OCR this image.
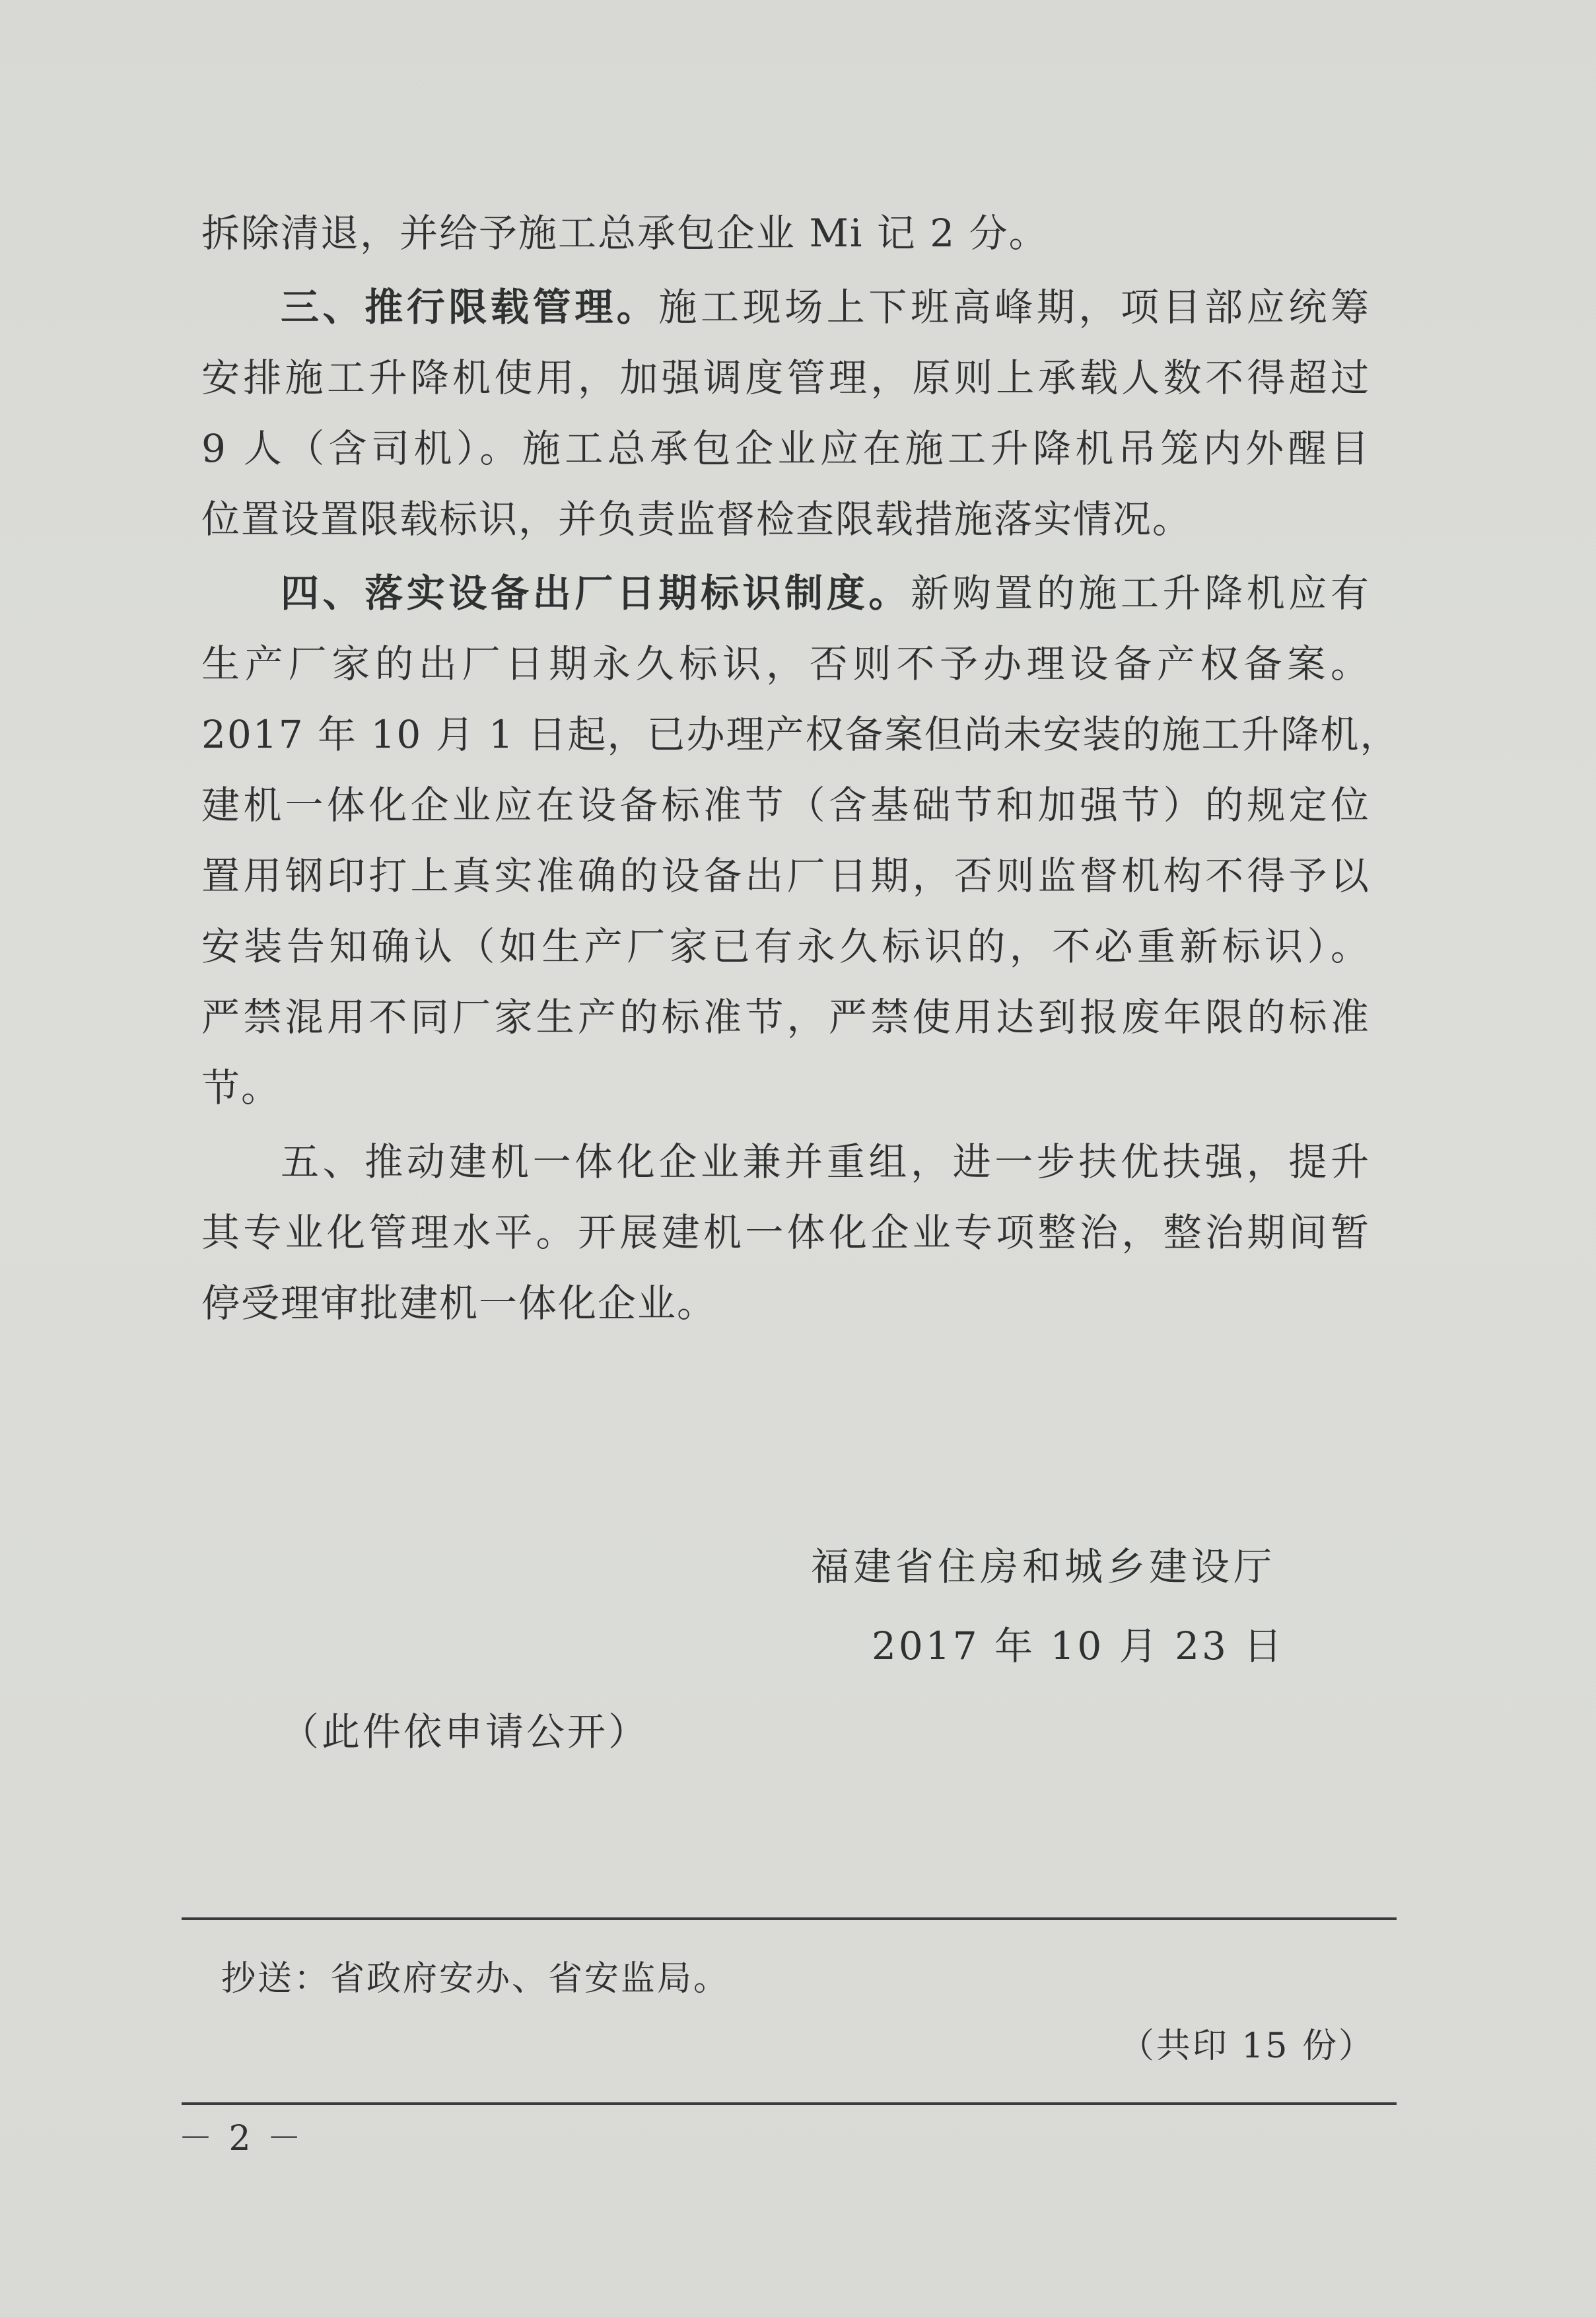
拆除清退，并给予施工总承包企业 Mi 记 2 分。
三、推行限载管理。施工现场上下班高峰期，项目部应统筹
安排施工升降机使用，加强调度管理，原则上承载人数不得超过
9 人（含司机）。施工总承包企业应在施工升降机吊笼内外醒目
位置设置限载标识，并负责监督检查限载措施落实情况。
四、落实设备出厂日期标识制度。新购置的施工升降机应有
生产厂家的出厂日期永久标识，否则不予办理设备产权备案。
2017 年 10 月 1 日起，已办理产权备案但尚未安装的施工升降机，
建机一体化企业应在设备标准节（含基础节和加强节）的规定位
置用钢印打上真实准确的设备出厂日期，否则监督机构不得予以
安装告知确认（如生产厂家已有永久标识的，不必重新标识）。
严禁混用不同厂家生产的标准节，严禁使用达到报废年限的标准
节。
五、推动建机一体化企业兼并重组，进一步扶优扶强，提升
其专业化管理水平。开展建机一体化企业专项整治，整治期间暂
停受理审批建机一体化企业。
福建省住房和城乡建设厅
2017 年 10 月 23 日
（此件依申请公开）
抄送：省政府安办、省安监局。
（共印 15 份）
－ 2 －
